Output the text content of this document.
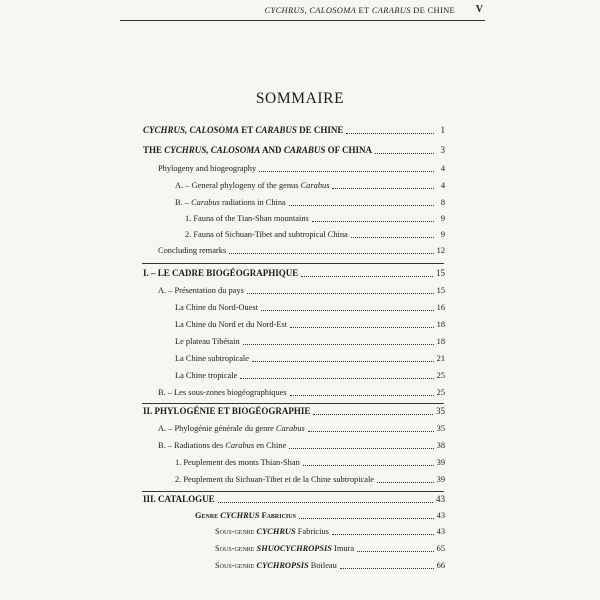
CYCHRUS, CALOSOMA ET CARABUS DE CHINE V
SOMMAIRE
CYCHRUS, CALOSOMA ET CARABUS DE CHINE	1
THE CYCHRUS, CALOSOMA AND CARABUS OF CHINA	3
Phylogeny and biogeography	4
A. – General phylogeny of the genus Carabus	4
B. – Carabus radiations in China	8
1. Fauna of the Tian-Shan mountains	9
2. Fauna of Sichuan-Tibet and subtropical China	9
Concluding remarks	12
I. – LE CADRE BIOGÉOGRAPHIQUE	15
A. – Présentation du pays	15
La Chine du Nord-Ouest	16
La Chine du Nord et du Nord-Est	18
Le plateau Tibétain	18
La Chine subtropicale	21
La Chine tropicale	25
B. – Les sous-zones biogéographiques	25
II. PHYLOGÉNIE ET BIOGÉOGRAPHIE	35
A. – Phylogénie générale du genre Carabus	35
B. – Radiations des Carabus en Chine	38
1. Peuplement des monts Thian-Shan	39
2. Peuplement du Sichuan-Tibet et de la Chine subtropicale	39
III. CATALOGUE	43
Genre CYCHRUS Fabricius	43
Sous-genre CYCHRUS Fabricius	43
Sous-genre SHUOCYCHROPSIS Imura	65
Sous-genre CYCHROPSIS Boileau	66
